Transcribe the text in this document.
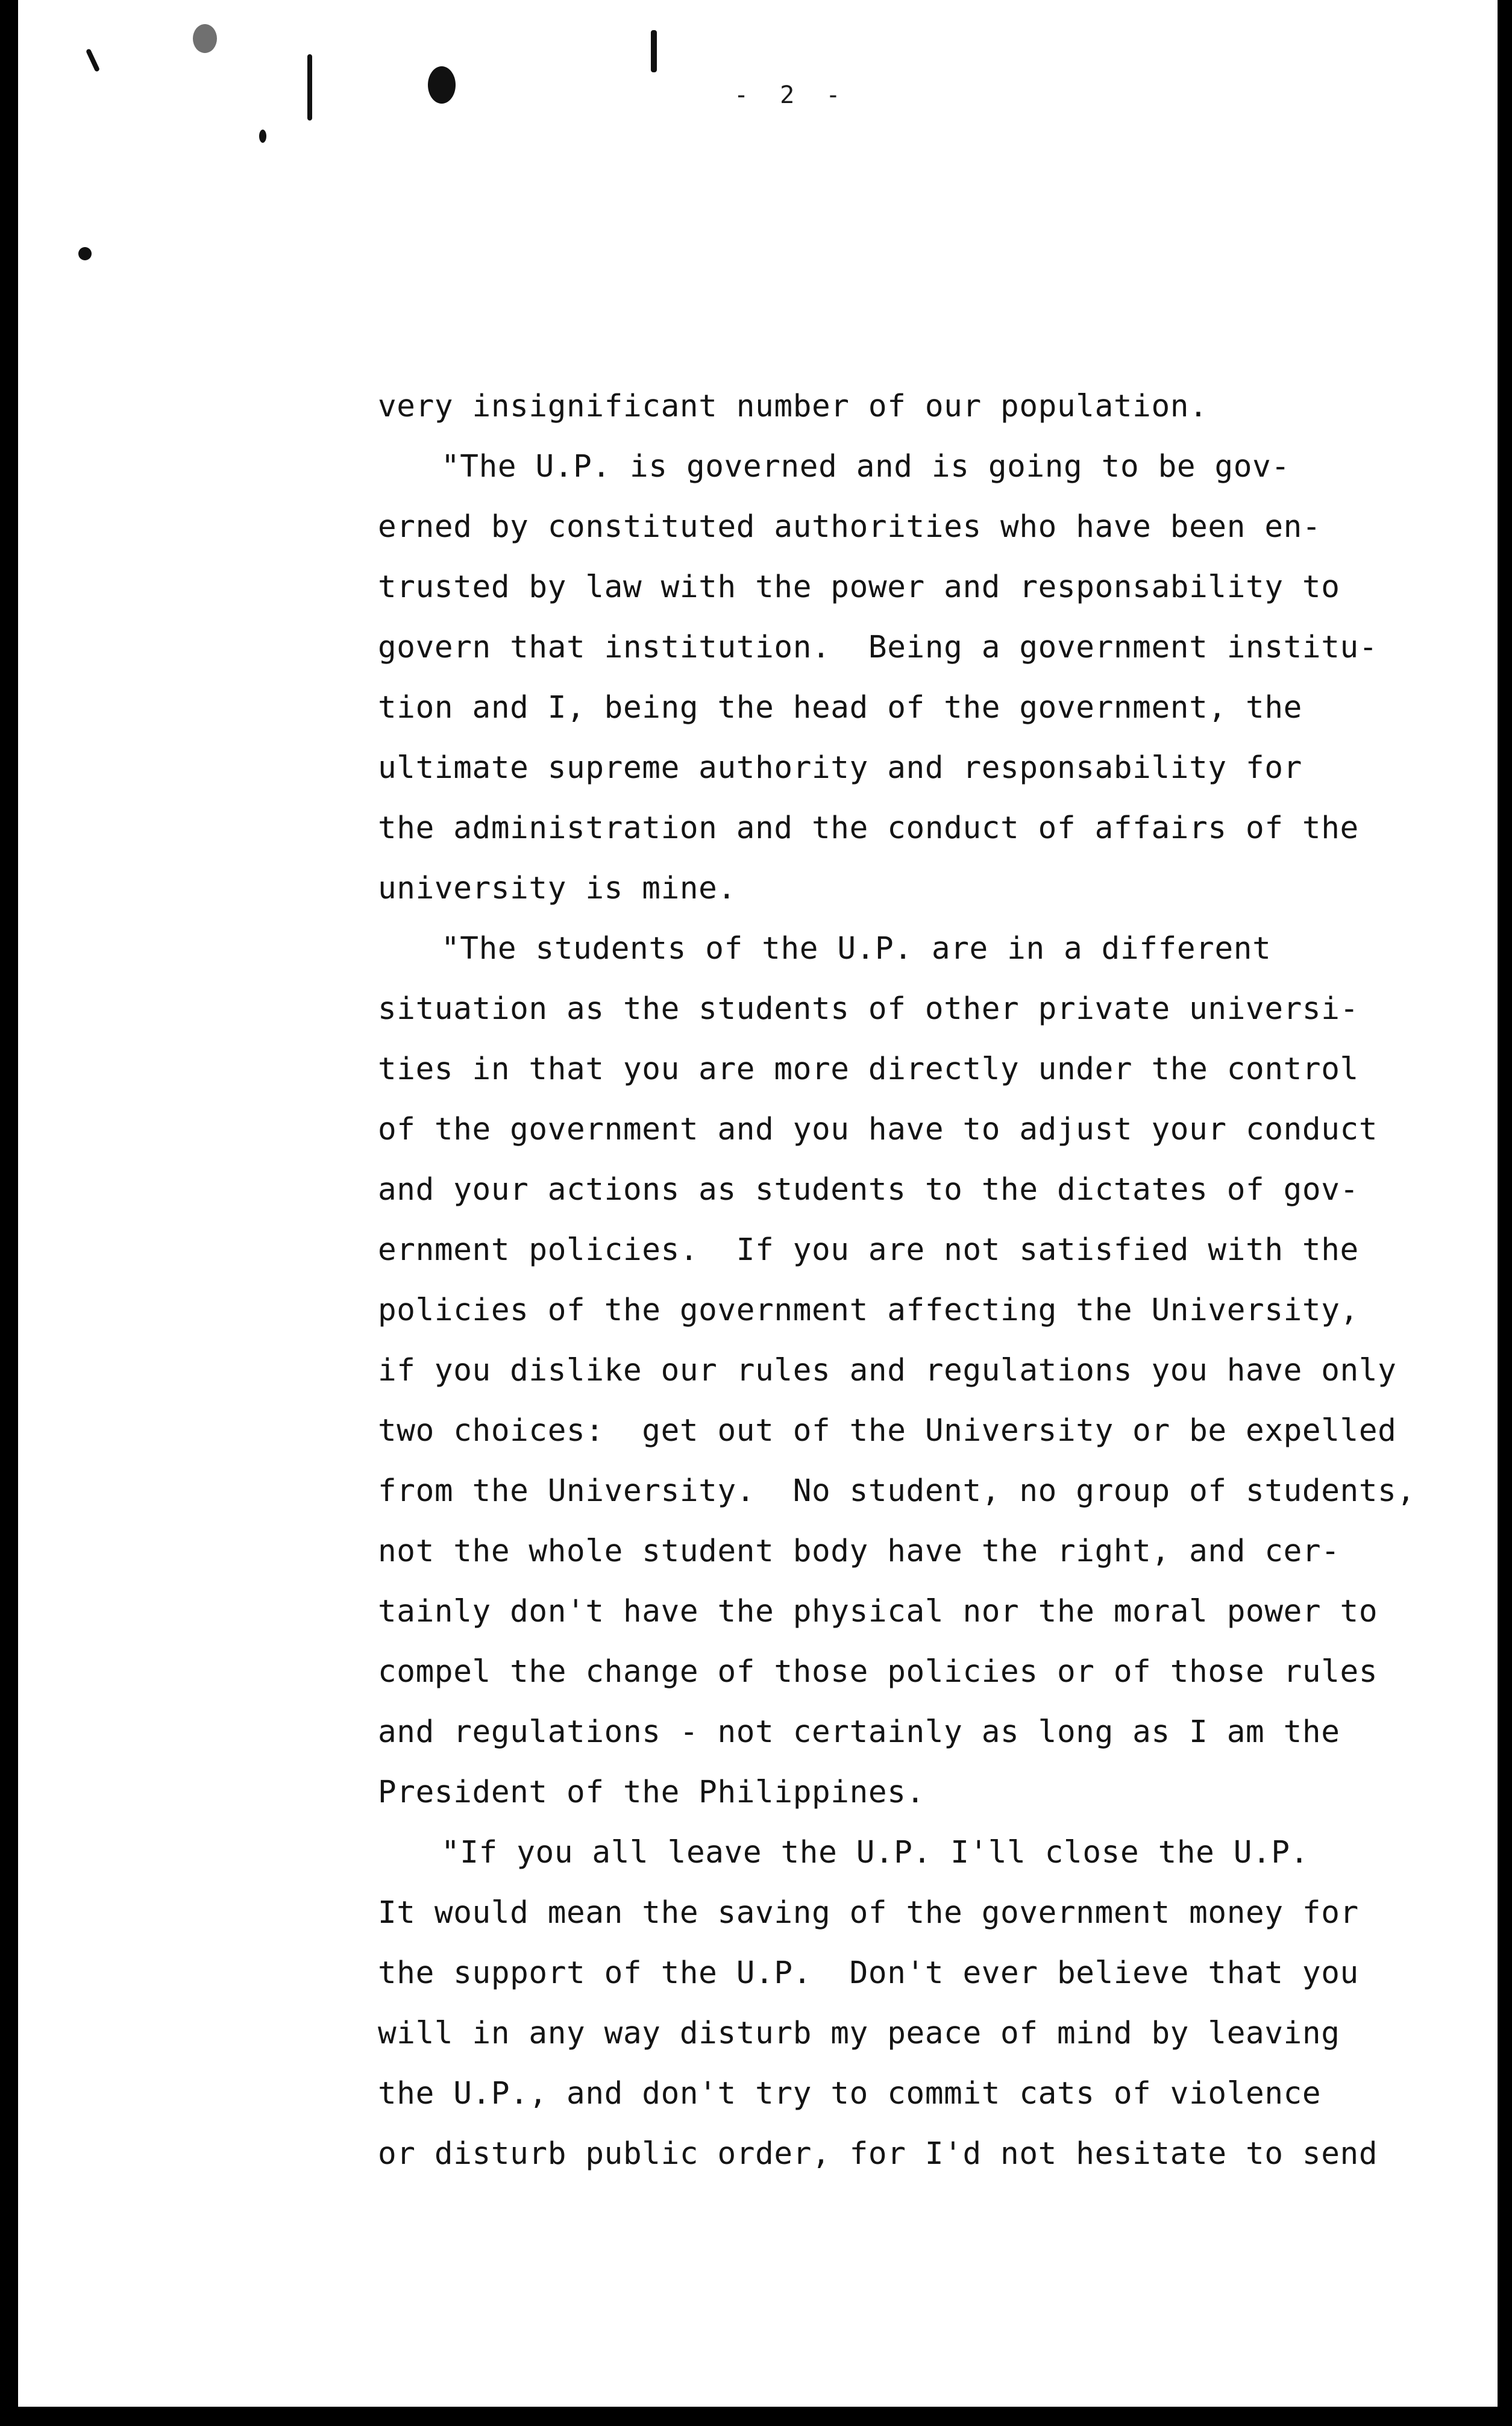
- 2 -
very insignificant number of our population.
"The U.P. is governed and is going to be gov-
erned by constituted authorities who have been en-
trusted by law with the power and responsability to
govern that institution.  Being a government institu-
tion and I, being the head of the government, the
ultimate supreme authority and responsability for
the administration and the conduct of affairs of the
university is mine.
"The students of the U.P. are in a different
situation as the students of other private universi-
ties in that you are more directly under the control
of the government and you have to adjust your conduct
and your actions as students to the dictates of gov-
ernment policies.  If you are not satisfied with the
policies of the government affecting the University,
if you dislike our rules and regulations you have only
two choices:  get out of the University or be expelled
from the University.  No student, no group of students,
not the whole student body have the right, and cer-
tainly don't have the physical nor the moral power to
compel the change of those policies or of those rules
and regulations - not certainly as long as I am the
President of the Philippines.
"If you all leave the U.P. I'll close the U.P.
It would mean the saving of the government money for
the support of the U.P.  Don't ever believe that you
will in any way disturb my peace of mind by leaving
the U.P., and don't try to commit cats of violence
or disturb public order, for I'd not hesitate to send
